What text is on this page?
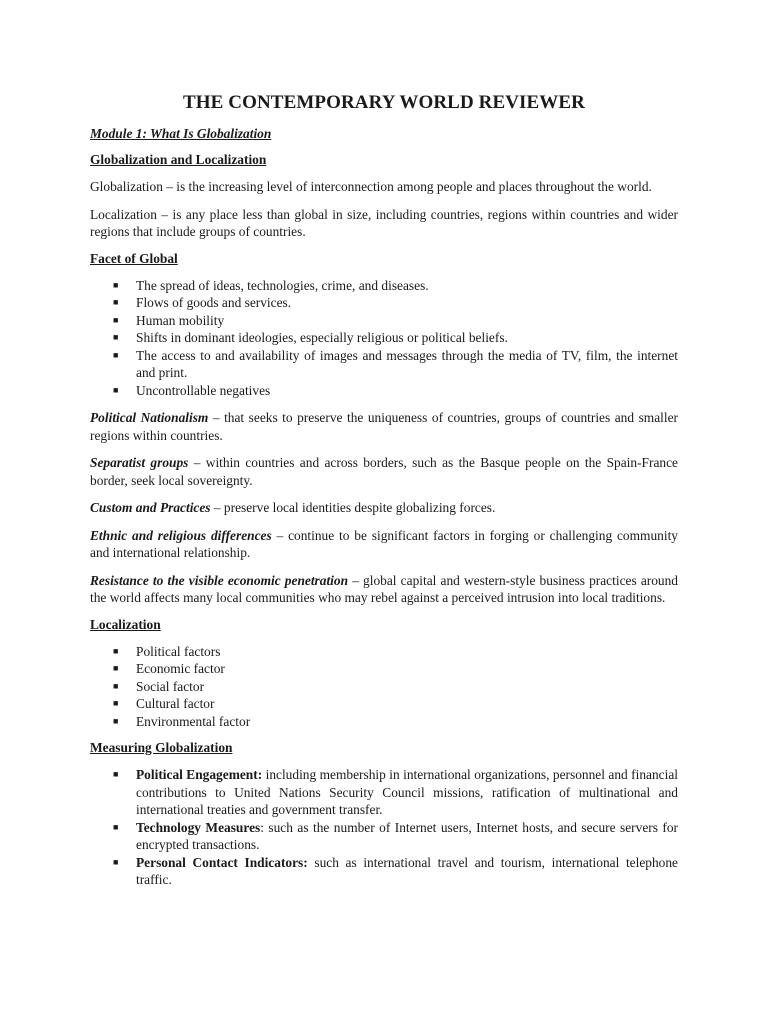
THE CONTEMPORARY WORLD REVIEWER
Module 1: What Is Globalization
Globalization and Localization

Globalization – is the increasing level of interconnection among people and places throughout the world.

Localization – is any place less than global in size, including countries, regions within countries and wider regions that include groups of countries.

Facet of Global
■ The spread of ideas, technologies, crime, and diseases.
■ Flows of goods and services.
■ Human mobility
■ Shifts in dominant ideologies, especially religious or political beliefs.
■ The access to and availability of images and messages through the media of TV, film, the internet and print.
■ Uncontrollable negatives

Political Nationalism – that seeks to preserve the uniqueness of countries, groups of countries and smaller regions within countries.

Separatist groups – within countries and across borders, such as the Basque people on the Spain-France border, seek local sovereignty.

Custom and Practices – preserve local identities despite globalizing forces.

Ethnic and religious differences – continue to be significant factors in forging or challenging community and international relationship.

Resistance to the visible economic penetration – global capital and western-style business practices around the world affects many local communities who may rebel against a perceived intrusion into local traditions.

Localization
■ Political factors
■ Economic factor
■ Social factor
■ Cultural factor
■ Environmental factor
Measuring Globalization
■ Political Engagement: including membership in international organizations, personnel and financial contributions to United Nations Security Council missions, ratification of multinational and international treaties and government transfer.
■ Technology Measures: such as the number of Internet users, Internet hosts, and secure servers for encrypted transactions.
■ Personal Contact Indicators: such as international travel and tourism, international telephone traffic.
